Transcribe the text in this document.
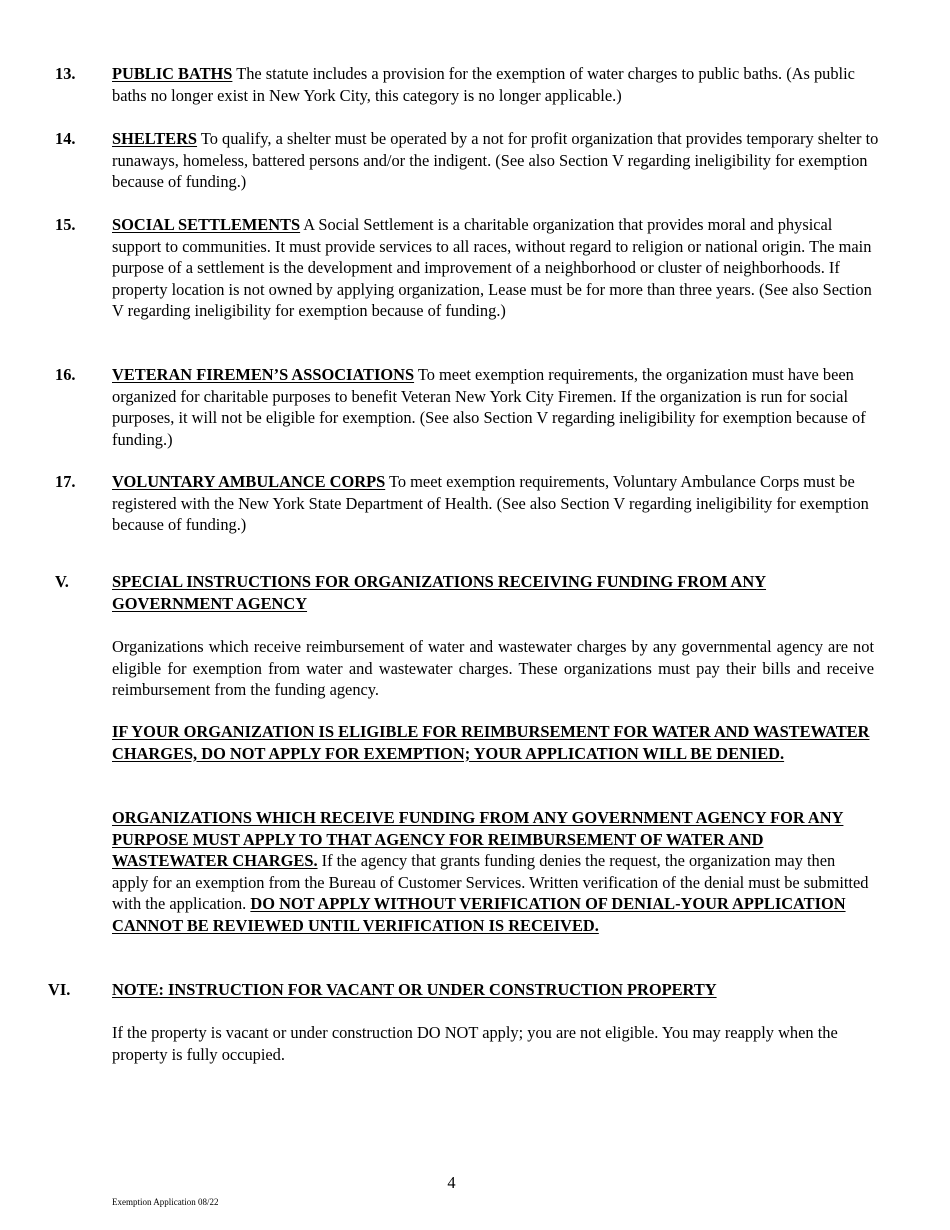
13. PUBLIC BATHS The statute includes a provision for the exemption of water charges to public baths. (As public baths no longer exist in New York City, this category is no longer applicable.)
14. SHELTERS To qualify, a shelter must be operated by a not for profit organization that provides temporary shelter to runaways, homeless, battered persons and/or the indigent. (See also Section V regarding ineligibility for exemption because of funding.)
15. SOCIAL SETTLEMENTS A Social Settlement is a charitable organization that provides moral and physical support to communities. It must provide services to all races, without regard to religion or national origin. The main purpose of a settlement is the development and improvement of a neighborhood or cluster of neighborhoods. If property location is not owned by applying organization, Lease must be for more than three years. (See also Section V regarding ineligibility for exemption because of funding.)
16. VETERAN FIREMEN’S ASSOCIATIONS To meet exemption requirements, the organization must have been organized for charitable purposes to benefit Veteran New York City Firemen. If the organization is run for social purposes, it will not be eligible for exemption. (See also Section V regarding ineligibility for exemption because of funding.)
17. VOLUNTARY AMBULANCE CORPS To meet exemption requirements, Voluntary Ambulance Corps must be registered with the New York State Department of Health. (See also Section V regarding ineligibility for exemption because of funding.)
V.	SPECIAL INSTRUCTIONS FOR ORGANIZATIONS RECEIVING FUNDING FROM ANY GOVERNMENT AGENCY
Organizations which receive reimbursement of water and wastewater charges by any governmental agency are not eligible for exemption from water and wastewater charges. These organizations must pay their bills and receive reimbursement from the funding agency.
IF YOUR ORGANIZATION IS ELIGIBLE FOR REIMBURSEMENT FOR WATER AND WASTEWATER CHARGES, DO NOT APPLY FOR EXEMPTION; YOUR APPLICATION WILL BE DENIED.
ORGANIZATIONS WHICH RECEIVE FUNDING FROM ANY GOVERNMENT AGENCY FOR ANY PURPOSE MUST APPLY TO THAT AGENCY FOR REIMBURSEMENT OF WATER AND WASTEWATER CHARGES. If the agency that grants funding denies the request, the organization may then apply for an exemption from the Bureau of Customer Services. Written verification of the denial must be submitted with the application. DO NOT APPLY WITHOUT VERIFICATION OF DENIAL-YOUR APPLICATION CANNOT BE REVIEWED UNTIL VERIFICATION IS RECEIVED.
VI.	NOTE: INSTRUCTION FOR VACANT OR UNDER CONSTRUCTION PROPERTY
If the property is vacant or under construction DO NOT apply; you are not eligible. You may reapply when the property is fully occupied.
4
Exemption Application 08/22
